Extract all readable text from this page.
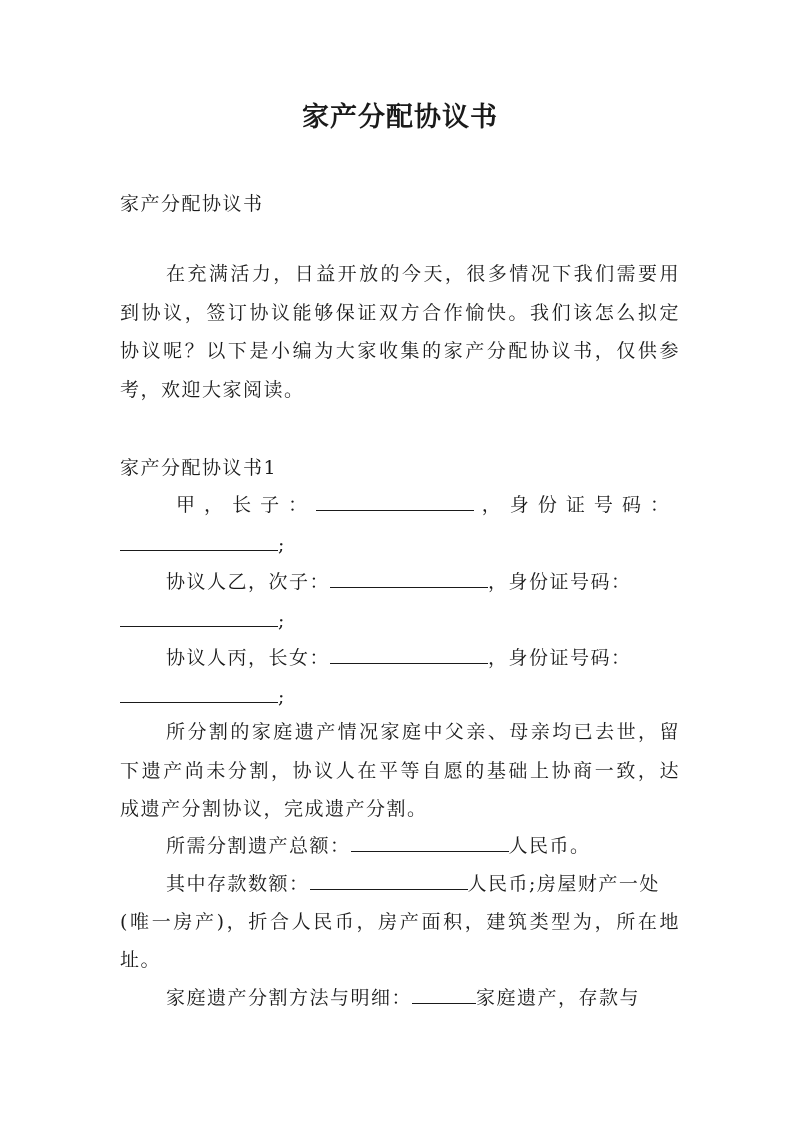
家产分配协议书
家产分配协议书
在充满活力，日益开放的今天，很多情况下我们需要用
到协议，签订协议能够保证双方合作愉快。我们该怎么拟定
协议呢？以下是小编为大家收集的家产分配协议书，仅供参
考，欢迎大家阅读。
家产分配协议书1
甲 ， 长 子 ：	， 身 份 证 号 码 ：
;
协议人乙，次子：	，身份证号码：
;
协议人丙，长女：	，身份证号码：
;
所分割的家庭遗产情况家庭中父亲、母亲均已去世，留
下遗产尚未分割，协议人在平等自愿的基础上协商一致，达
成遗产分割协议，完成遗产分割。
所需分割遗产总额：	人民币。
其中存款数额：	人民币;房屋财产一处
(唯一房产)，折合人民币，房产面积，建筑类型为，所在地
址。
家庭遗产分割方法与明细：	家庭遗产，存款与
